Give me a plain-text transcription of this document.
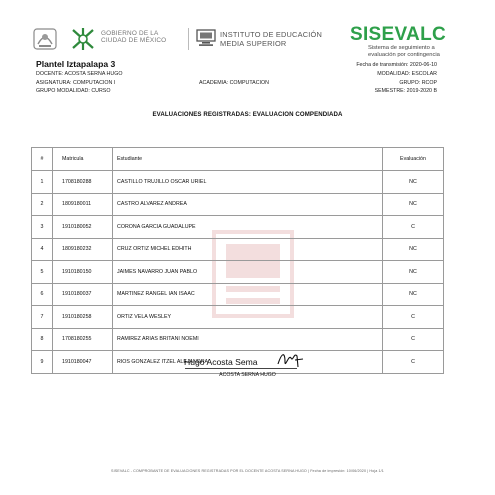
GOBIERNO DE LA
CIUDAD DE MÉXICO
INSTITUTO DE EDUCACIÓN
MEDIA SUPERIOR	SISEVALC
Sistema de seguimiento a
evaluación por contingencia
Plantel Iztapalapa 3
DOCENTE: ACOSTA SERNA HUGO
ASIGNATURA: COMPUTACION I
GRUPO MODALIDAD: CURSO
ACADEMIA: COMPUTACION
Fecha de transmisión: 2020-06-10
MODALIDAD: ESCOLAR
GRUPO: RCOP
SEMESTRE: 2019-2020 B
EVALUACIONES REGISTRADAS: EVALUACION COMPENDIADA
#	Matricula	Estudiante	Evaluación
1	1708180288	CASTILLO TRUJILLO OSCAR URIEL	NC
2	1809180011	CASTRO ALVAREZ ANDREA	NC
3	1910180052	CORONA GARCIA GUADALUPE	C
4	1809180232	CRUZ ORTIZ MICHEL EDHITH	NC
5	1910180150	JAIMES NAVARRO JUAN PABLO	NC
6	1910180037	MARTINEZ RANGEL IAN ISAAC	NC
7	1910180258	ORTIZ VELA WESLEY	C
8	1708180255	RAMIREZ ARIAS BRITANI NOEMI	C
9	1910180047	RIOS GONZALEZ ITZEL ALEJANDRA	C
Hugo Acosta Sema
ACOSTA SERNA HUGO
SISEVALC - COMPROBANTE DE EVALUACIONES REGISTRADAS POR EL DOCENTE ACOSTA SERNA HUGO | Fecha de impresión: 10/06/2020 | Hoja 1/1
